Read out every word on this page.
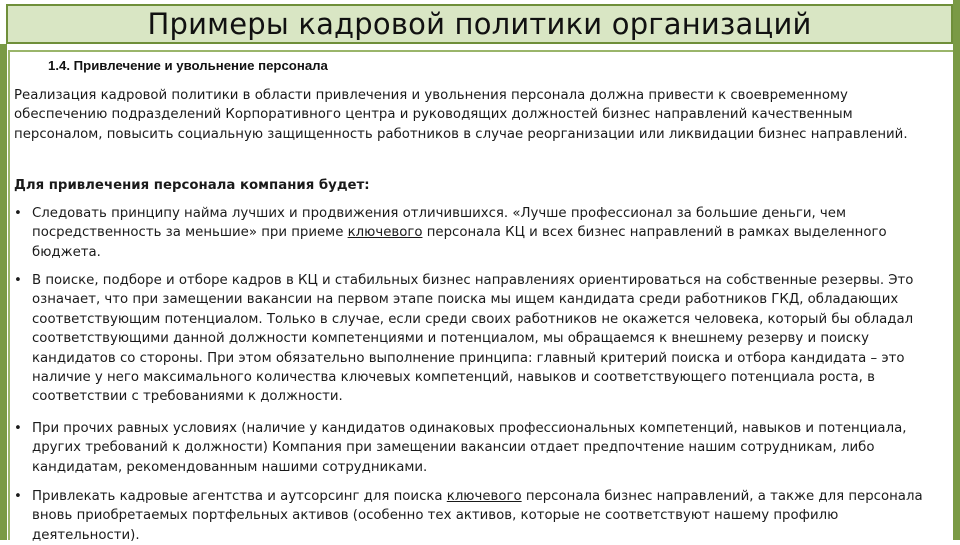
Примеры кадровой политики организаций
1.4. Привлечение и увольнение персонала
Реализация кадровой политики в области привлечения и увольнения персонала должна привести к своевременному обеспечению подразделений Корпоративного центра и руководящих должностей бизнес направлений качественным персоналом, повысить социальную защищенность работников в случае реорганизации или ликвидации бизнес направлений.
Для привлечения персонала компания будет:
• Следовать принципу найма лучших и продвижения отличившихся. «Лучше профессионал за большие деньги, чем посредственность за меньшие» при приеме ключевого персонала КЦ и всех бизнес направлений в рамках выделенного бюджета.
• В поиске, подборе и отборе кадров в КЦ и стабильных бизнес направлениях ориентироваться на собственные резервы. Это означает, что при замещении вакансии на первом этапе поиска мы ищем кандидата среди работников ГКД, обладающих соответствующим потенциалом. Только в случае, если среди своих работников не окажется человека, который бы обладал соответствующими данной должности компетенциями и потенциалом, мы обращаемся к внешнему резерву и поиску кандидатов со стороны. При этом обязательно выполнение принципа: главный критерий поиска и отбора кандидата – это наличие у него максимального количества ключевых компетенций, навыков и соответствующего потенциала роста, в соответствии с требованиями к должности.
• При прочих равных условиях (наличие у кандидатов одинаковых профессиональных компетенций, навыков и потенциала, других требований к должности) Компания при замещении вакансии отдает предпочтение нашим сотрудникам, либо кандидатам, рекомендованным нашими сотрудниками.
• Привлекать кадровые агентства и аутсорсинг для поиска ключевого персонала бизнес направлений, а также для персонала вновь приобретаемых портфельных активов (особенно тех активов, которые не соответствуют нашему профилю деятельности).
